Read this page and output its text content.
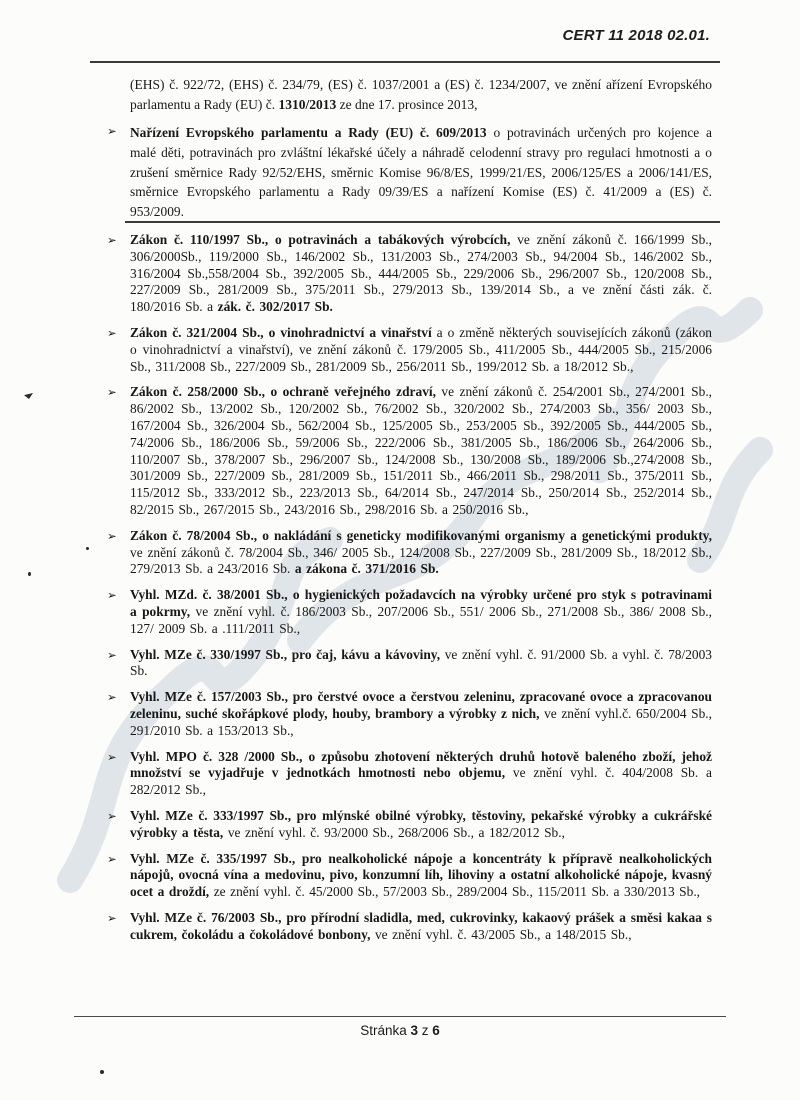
CERT 11 2018 02.01.

(EHS) č. 922/72, (EHS) č. 234/79, (ES) č. 1037/2001 a (ES) č. 1234/2007, ve znění ařízení Evropského parlamentu a Rady (EU) č. 1310/2013 ze dne 17. prosince 2013,

➢ Nařízení Evropského parlamentu a Rady (EU) č. 609/2013 o potravinách určených pro kojence a malé děti, potravinách pro zvláštní lékařské účely a náhradě celodenní stravy pro regulaci hmotnosti a o zrušení směrnice Rady 92/52/EHS, směrnic Komise 96/8/ES, 1999/21/ES, 2006/125/ES a 2006/141/ES, směrnice Evropského parlamentu a Rady 09/39/ES a nařízení Komise (ES) č. 41/2009 a (ES) č. 953/2009.

➢ Zákon č. 110/1997 Sb., o potravinách a tabákových výrobcích, ve znění zákonů č. 166/1999 Sb., 306/2000Sb., 119/2000 Sb., 146/2002 Sb., 131/2003 Sb., 274/2003 Sb., 94/2004 Sb., 146/2002 Sb., 316/2004 Sb.,558/2004 Sb., 392/2005 Sb., 444/2005 Sb., 229/2006 Sb., 296/2007 Sb., 120/2008 Sb., 227/2009 Sb., 281/2009 Sb., 375/2011 Sb., 279/2013 Sb., 139/2014 Sb., a ve znění části zák. č. 180/2016 Sb. a zák. č. 302/2017 Sb.

➢ Zákon č. 321/2004 Sb., o vinohradnictví a vinařství a o změně některých souvisejících zákonů (zákon o vinohradnictví a vinařství), ve znění zákonů č. 179/2005 Sb., 411/2005 Sb., 444/2005 Sb., 215/2006 Sb., 311/2008 Sb., 227/2009 Sb., 281/2009 Sb., 256/2011 Sb., 199/2012 Sb. a 18/2012 Sb.,

➢ Zákon č. 258/2000 Sb., o ochraně veřejného zdraví, ve znění zákonů č. 254/2001 Sb., 274/2001 Sb., 86/2002 Sb., 13/2002 Sb., 120/2002 Sb., 76/2002 Sb., 320/2002 Sb., 274/2003 Sb., 356/ 2003 Sb., 167/2004 Sb., 326/2004 Sb., 562/2004 Sb., 125/2005 Sb., 253/2005 Sb., 392/2005 Sb., 444/2005 Sb., 74/2006 Sb., 186/2006 Sb., 59/2006 Sb., 222/2006 Sb., 381/2005 Sb., 186/2006 Sb., 264/2006 Sb., 110/2007 Sb., 378/2007 Sb., 296/2007 Sb., 124/2008 Sb., 130/2008 Sb., 189/2006 Sb.,274/2008 Sb., 301/2009 Sb., 227/2009 Sb., 281/2009 Sb., 151/2011 Sb., 466/2011 Sb., 298/2011 Sb., 375/2011 Sb., 115/2012 Sb., 333/2012 Sb., 223/2013 Sb., 64/2014 Sb., 247/2014 Sb., 250/2014 Sb., 252/2014 Sb., 82/2015 Sb., 267/2015 Sb., 243/2016 Sb., 298/2016 Sb. a 250/2016 Sb.,

➢ Zákon č. 78/2004 Sb., o nakládání s geneticky modifikovanými organismy a genetickými produkty, ve znění zákonů č. 78/2004 Sb., 346/ 2005 Sb., 124/2008 Sb., 227/2009 Sb., 281/2009 Sb., 18/2012 Sb., 279/2013 Sb. a 243/2016 Sb. a zákona č. 371/2016 Sb.

➢ Vyhl. MZd. č. 38/2001 Sb., o hygienických požadavcích na výrobky určené pro styk s potravinami a pokrmy, ve znění vyhl. č. 186/2003 Sb., 207/2006 Sb., 551/ 2006 Sb., 271/2008 Sb., 386/ 2008 Sb., 127/ 2009 Sb. a .111/2011 Sb.,

➢ Vyhl. MZe č. 330/1997 Sb., pro čaj, kávu a kávoviny, ve znění vyhl. č. 91/2000 Sb. a vyhl. č. 78/2003 Sb.

➢ Vyhl. MZe č. 157/2003 Sb., pro čerstvé ovoce a čerstvou zeleninu, zpracované ovoce a zpracovanou zeleninu, suché skořápkové plody, houby, brambory a výrobky z nich, ve znění vyhl.č. 650/2004 Sb., 291/2010 Sb. a 153/2013 Sb.,

➢ Vyhl. MPO č. 328 /2000 Sb., o způsobu zhotovení některých druhů hotově baleného zboží, jehož množství se vyjadřuje v jednotkách hmotnosti nebo objemu, ve znění vyhl. č. 404/2008 Sb. a 282/2012 Sb.,

➢ Vyhl. MZe č. 333/1997 Sb., pro mlýnské obilné výrobky, těstoviny, pekařské výrobky a cukrářské výrobky a těsta, ve znění vyhl. č. 93/2000 Sb., 268/2006 Sb., a 182/2012 Sb.,

➢ Vyhl. MZe č. 335/1997 Sb., pro nealkoholické nápoje a koncentráty k přípravě nealkoholických nápojů, ovocná vína a medovinu, pivo, konzumní líh, lihoviny a ostatní alkoholické nápoje, kvasný ocet a droždí, ze znění vyhl. č. 45/2000 Sb., 57/2003 Sb., 289/2004 Sb., 115/2011 Sb. a 330/2013 Sb.,

➢ Vyhl. MZe č. 76/2003 Sb., pro přírodní sladidla, med, cukrovinky, kakaový prášek a směsi kakaa s cukrem, čokoládu a čokoládové bonbony, ve znění vyhl. č. 43/2005 Sb., a 148/2015 Sb.,

Stránka 3 z 6
